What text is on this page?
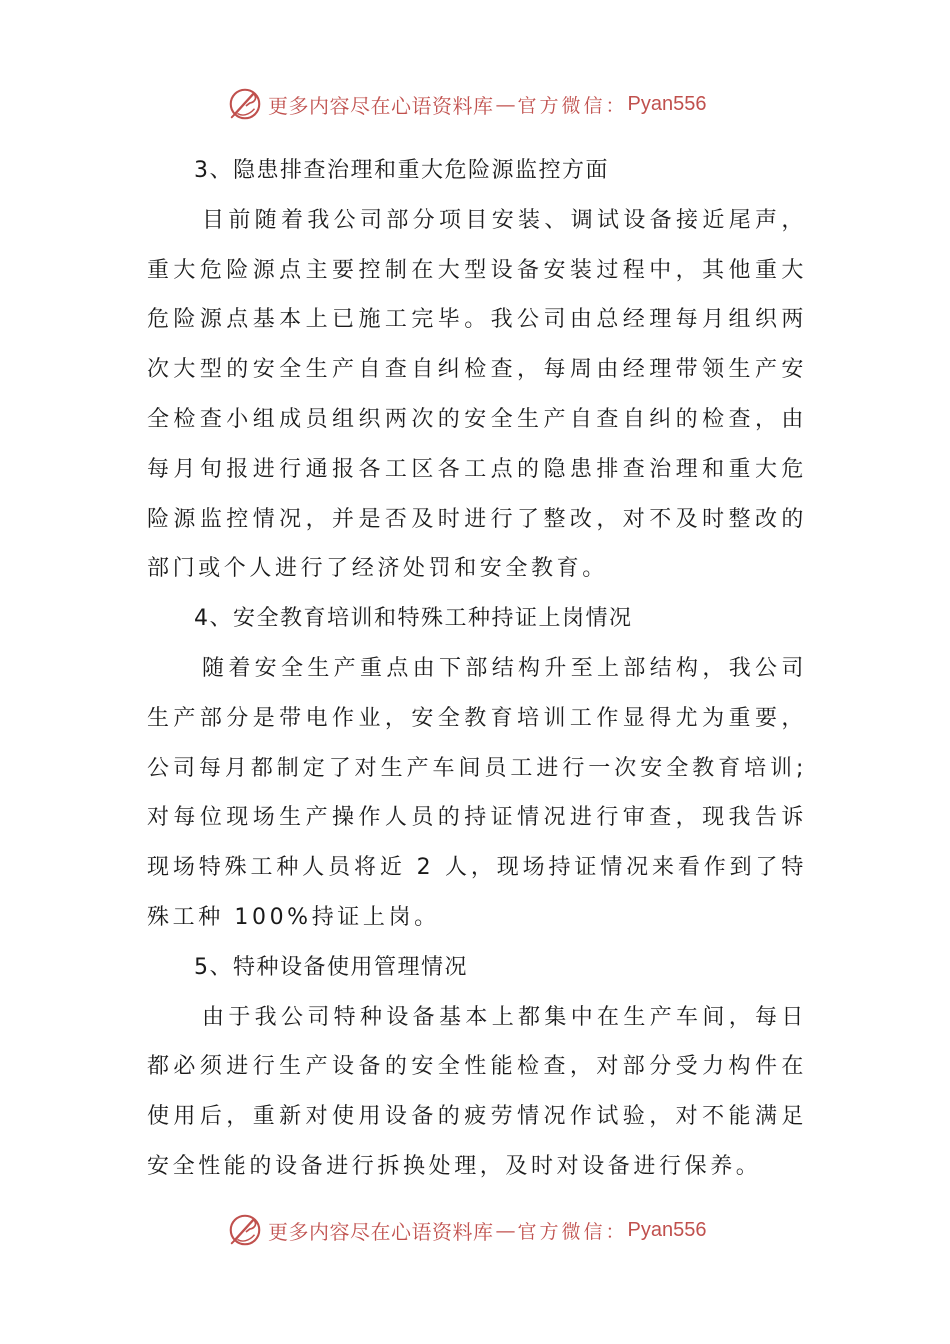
更多内容尽在心语资料库 — 官方微信： Pyan556

3、隐患排查治理和重大危险源监控方面

目前随着我公司部分项目安装、调试设备接近尾声，重大危险源点主要控制在大型设备安装过程中，其他重大危险源点基本上已施工完毕。我公司由总经理每月组织两次大型的安全生产自查自纠检查，每周由经理带领生产安全检查小组成员组织两次的安全生产自查自纠的检查，由每月旬报进行通报各工区各工点的隐患排查治理和重大危险源监控情况，并是否及时进行了整改，对不及时整改的部门或个人进行了经济处罚和安全教育。

4、安全教育培训和特殊工种持证上岗情况

随着安全生产重点由下部结构升至上部结构，我公司生产部分是带电作业，安全教育培训工作显得尤为重要，公司每月都制定了对生产车间员工进行一次安全教育培训;对每位现场生产操作人员的持证情况进行审查，现我告诉现场特殊工种人员将近 2 人，现场持证情况来看作到了特殊工种 100%持证上岗。

5、特种设备使用管理情况

由于我公司特种设备基本上都集中在生产车间，每日都必须进行生产设备的安全性能检查，对部分受力构件在使用后，重新对使用设备的疲劳情况作试验，对不能满足安全性能的设备进行拆换处理，及时对设备进行保养。

更多内容尽在心语资料库 — 官方微信： Pyan556
